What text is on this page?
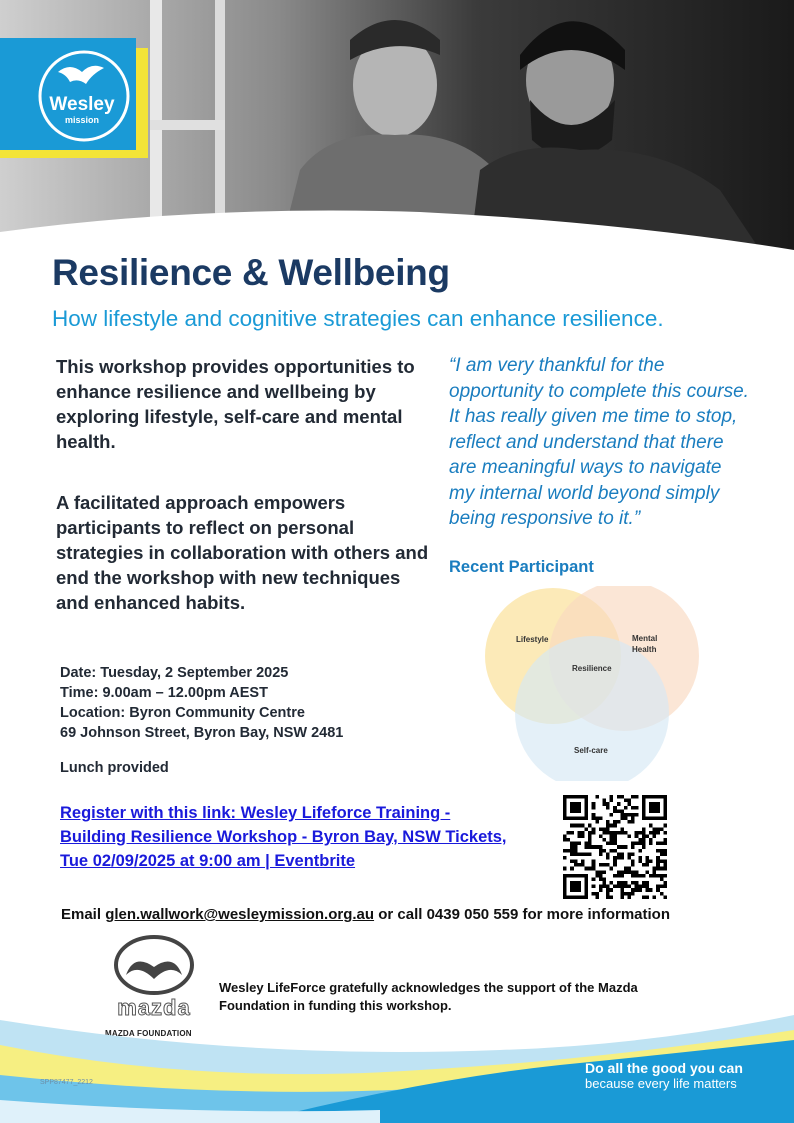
Wesley
mission
Resilience & Wellbeing
How lifestyle and cognitive strategies can enhance resilience.

This workshop provides opportunities to enhance resilience and wellbeing by exploring lifestyle, self-care and mental health.

A facilitated approach empowers participants to reflect on personal strategies in collaboration with others and end the workshop with new techniques and enhanced habits.

“I am very thankful for the opportunity to complete this course. It has really given me time to stop, reflect and understand that there are meaningful ways to navigate my internal world beyond simply being responsive to it.”

Recent Participant
Lifestyle	Mental Health
Resilience
Self-care
Date: Tuesday, 2 September 2025
Time: 9.00am – 12.00pm AEST
Location: Byron Community Centre
69 Johnson Street, Byron Bay, NSW 2481
Lunch provided
Register with this link: Wesley Lifeforce Training - Building Resilience Workshop - Byron Bay, NSW Tickets, Tue 02/09/2025 at 9:00 am | Eventbrite
Email glen.wallwork@wesleymission.org.au or call 0439 050 559 for more information
mazda
MAZDA FOUNDATION

Wesley LifeForce gratefully acknowledges the support of the Mazda Foundation in funding this workshop.

SPP87477_2212
Do all the good you can
because every life matters
